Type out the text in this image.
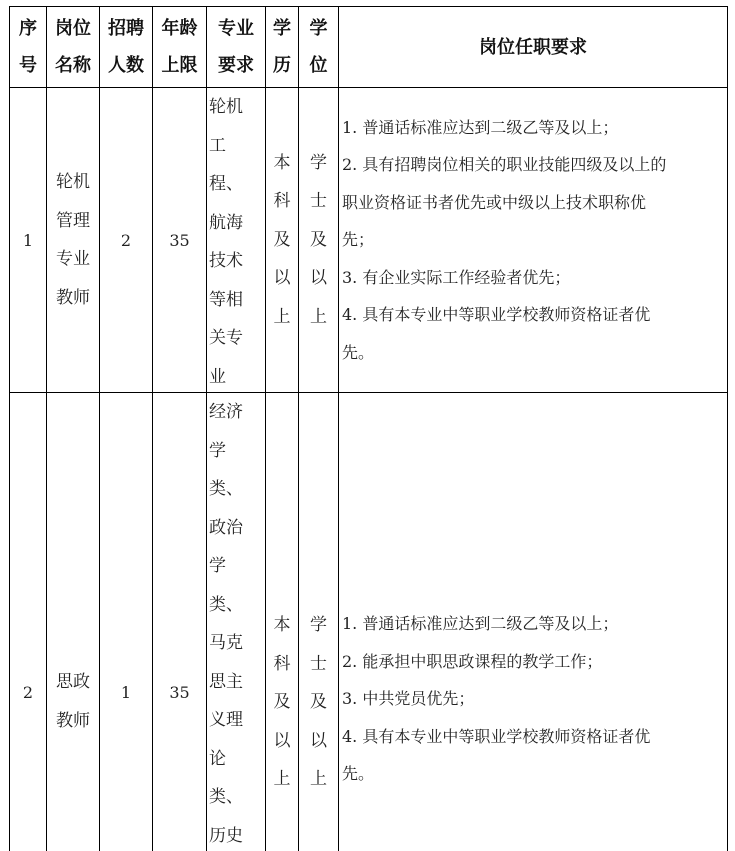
序
号
岗位
名称
招聘
人数
年龄
上限
专业
要求
学
历
学
位
岗位任职要求
1
轮机
管理
专业
教师
2 35
轮机
工
程、
航海
技术
等相
关专
业
本
科
及
以
上
学
士
及
以
上
1. 普通话标准应达到二级乙等及以上；
2. 具有招聘岗位相关的职业技能四级及以上的
职业资格证书者优先或中级以上技术职称优
先；
3. 有企业实际工作经验者优先；
4. 具有本专业中等职业学校教师资格证者优
先。
2
思政
教师
1 35
经济
学
类、
政治
学
类、
马克
思主
义理
论
类、
历史
本
科
及
以
上
学
士
及
以
上
1. 普通话标准应达到二级乙等及以上；
2. 能承担中职思政课程的教学工作；
3. 中共党员优先；
4. 具有本专业中等职业学校教师资格证者优
先。
